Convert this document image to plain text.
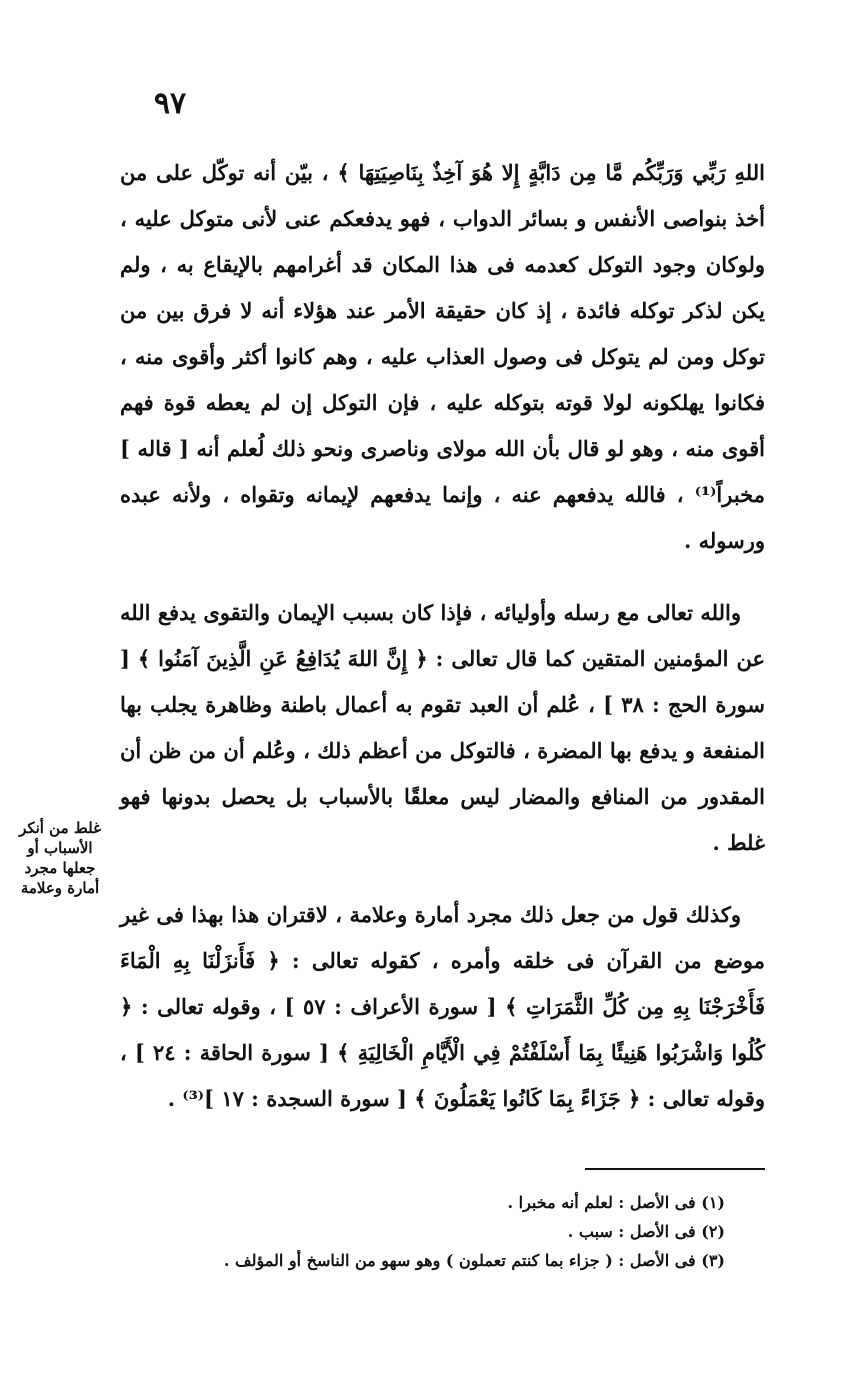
٩٧

اللهِ رَبِّي وَرَبِّكُم مَّا مِن دَابَّةٍ إِلا هُوَ آخِذٌ بِنَاصِيَتِهَا ﴾ ، بيّن أنه توكّل على من أخذ بنواصى الأنفس و بسائر الدواب ، فهو يدفعكم عنى لأنى متوكل عليه ، ولوكان وجود التوكل كعدمه فى هذا المكان قد أغرامهم بالإيقاع به ، ولم يكن لذكر توكله فائدة ، إذ كان حقيقة الأمر عند هؤلاء أنه لا فرق بين من توكل ومن لم يتوكل فى وصول العذاب عليه ، وهم كانوا أكثر وأقوى منه ، فكانوا يهلكونه لولا قوته بتوكله عليه ، فإن التوكل إن لم يعطه قوة فهم أقوى منه ، وهو لو قال بأن الله مولاى وناصرى ونحو ذلك لُعلم أنه [ قاله ] مخبراً⁽¹⁾ ، فالله يدفعهم عنه ، وإنما يدفعهم لإيمانه وتقواه ، ولأنه عبده ورسوله .

والله تعالى مع رسله وأوليائه ، فإذا كان بسبب الإيمان والتقوى يدفع الله عن المؤمنين المتقين كما قال تعالى : ﴿ إِنَّ اللهَ يُدَافِعُ عَنِ الَّذِينَ آمَنُوا ﴾ [ سورة الحج : ٣٨ ] ، عُلم أن العبد تقوم به أعمال باطنة وظاهرة يجلب بها المنفعة و يدفع بها المضرة ، فالتوكل من أعظم ذلك ، وعُلم أن من ظن أن المقدور من المنافع والمضار ليس معلقًا بالأسباب بل يحصل بدونها فهو غلط .

وكذلك قول من جعل ذلك مجرد أمارة وعلامة ، لاقتران هذا بهذا فى غير موضع من القرآن فى خلقه وأمره ، كقوله تعالى : ﴿ فَأَنزَلْنَا بِهِ الْمَاءَ فَأَخْرَجْنَا بِهِ مِن كُلِّ الثَّمَرَاتِ ﴾ [ سورة الأعراف : ٥٧ ] ، وقوله تعالى : ﴿ كُلُوا وَاشْرَبُوا هَنِيئًا بِمَا أَسْلَفْتُمْ فِي الْأَيَّامِ الْخَالِيَةِ ﴾ [ سورة الحاقة : ٢٤ ] ، وقوله تعالى : ﴿ جَزَاءً بِمَا كَانُوا يَعْمَلُونَ ﴾ [ سورة السجدة : ١٧ ]⁽³⁾ .

غلط من أنكر
الأسباب أو
جعلها مجرد
أمارة وعلامة
(١) فى الأصل : لعلم أنه مخبرا .
(٢) فى الأصل : سبب .
(٣) فى الأصل : ( جزاء بما كنتم تعملون ) وهو سهو من الناسخ أو المؤلف .
